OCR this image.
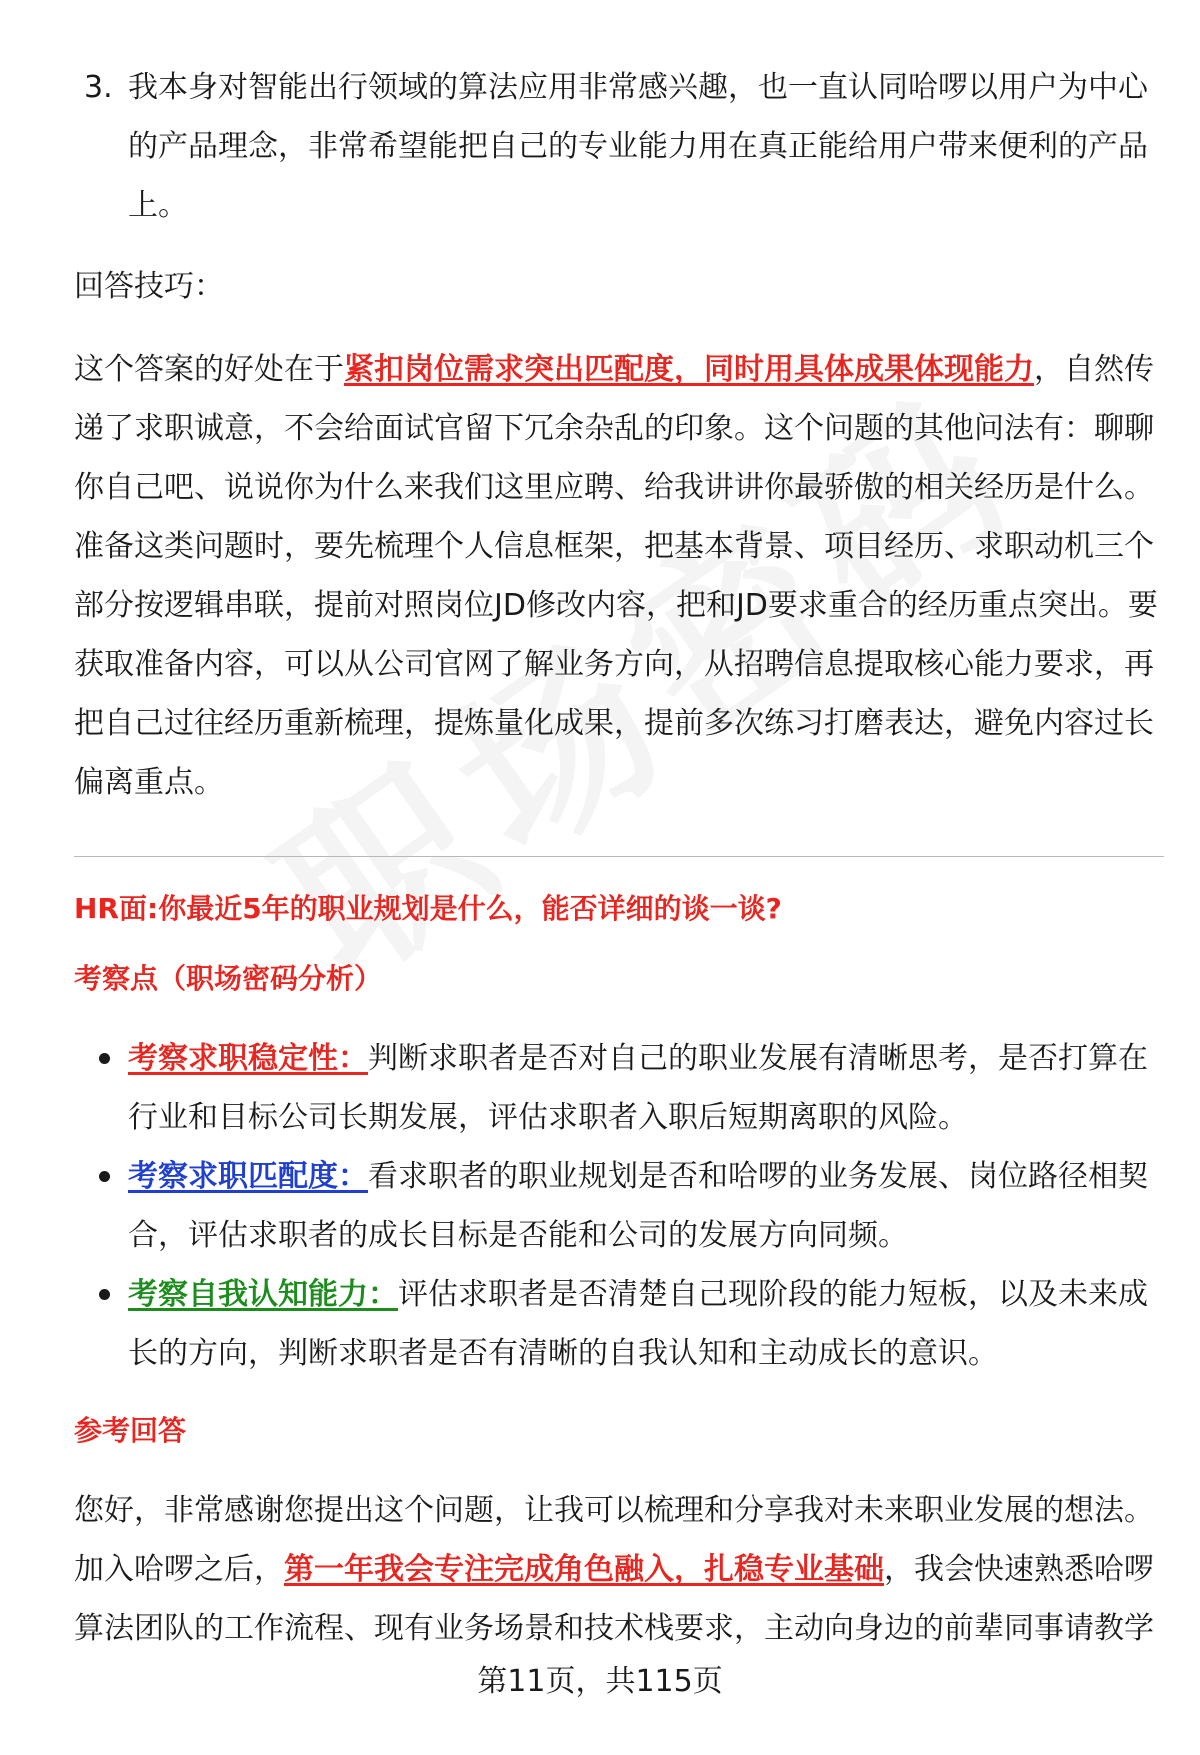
3. 我本身对智能出行领域的算法应用非常感兴趣，也一直认同哈啰以用户为中心的产品理念，非常希望能把自己的专业能力用在真正能给用户带来便利的产品上。

回答技巧：

这个答案的好处在于紧扣岗位需求突出匹配度，同时用具体成果体现能力，自然传递了求职诚意，不会给面试官留下冗余杂乱的印象。这个问题的其他问法有：聊聊你自己吧、说说你为什么来我们这里应聘、给我讲讲你最骄傲的相关经历是什么。准备这类问题时，要先梳理个人信息框架，把基本背景、项目经历、求职动机三个部分按逻辑串联，提前对照岗位JD修改内容，把和JD要求重合的经历重点突出。要获取准备内容，可以从公司官网了解业务方向，从招聘信息提取核心能力要求，再把自己过往经历重新梳理，提炼量化成果，提前多次练习打磨表达，避免内容过长偏离重点。

HR面:你最近5年的职业规划是什么，能否详细的谈一谈?

考察点（职场密码分析）

考察求职稳定性：判断求职者是否对自己的职业发展有清晰思考，是否打算在行业和目标公司长期发展，评估求职者入职后短期离职的风险。
考察求职匹配度：看求职者的职业规划是否和哈啰的业务发展、岗位路径相契合，评估求职者的成长目标是否能和公司的发展方向同频。
考察自我认知能力：评估求职者是否清楚自己现阶段的能力短板，以及未来成长的方向，判断求职者是否有清晰的自我认知和主动成长的意识。

参考回答

您好，非常感谢您提出这个问题，让我可以梳理和分享我对未来职业发展的想法。

加入哈啰之后，第一年我会专注完成角色融入，扎稳专业基础，我会快速熟悉哈啰算法团队的工作流程、现有业务场景和技术栈要求，主动向身边的前辈同事请教学

第11页，共115页
